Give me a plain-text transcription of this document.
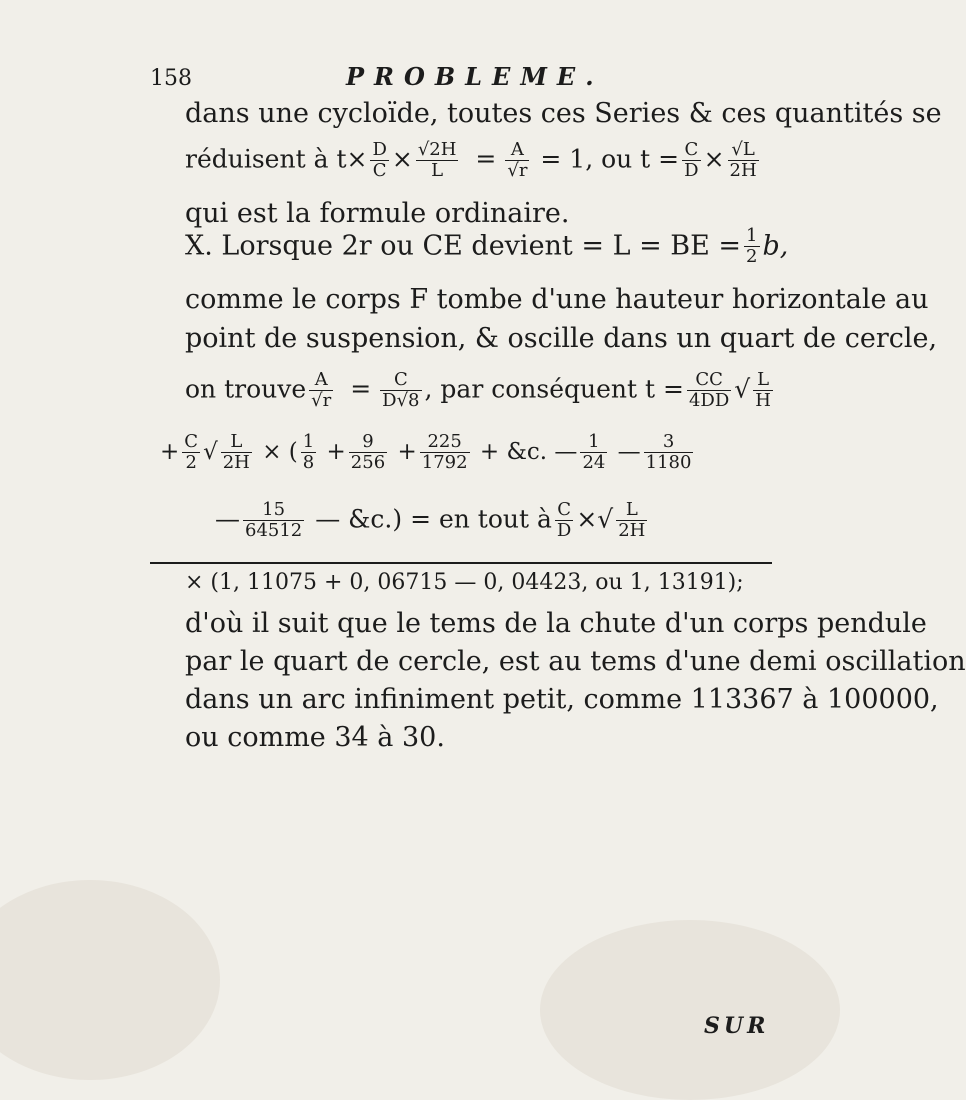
158	PROBLEME.
dans une cycloïde, toutes ces Series & ces quantités se
réduisent à $t\times \frac{D}{C} \times \frac{√2H}{L} = \frac{A}{√r} = 1$, ou $t = \frac{C}{D} \times \frac{√L}{2H}$
qui est la formule ordinaire.
X. Lorsque 2r ou CE devient = L = BE = $\frac{1}{2} b$,
comme le corps F tombe d'une hauteur horizontale au
point de suspension, & oscille dans un quart de cercle,
on trouve $\frac{A}{√r} = \frac{C}{D√8}$ , par conséquent $t = \frac{CC}{4DD}$ √ $\frac{L}{H}$
+ $\frac{C}{2}$ √ $\frac{L}{2H}$ × ( $\frac{1}{8} + \frac{9}{256} + \frac{225}{1792}$ + &c. — $\frac{1}{24}$ — $\frac{3}{1180}$
— $\frac{15}{64512}$ — &c.) = en tout à $\frac{C}{D}$ ×√ $\frac{L}{2H}$
× (1, 11075 + 0, 06715 — 0, 04423, ou 1, 13191);
d'où il suit que le tems de la chute d'un corps pendule
par le quart de cercle, est au tems d'une demi oscillation
dans un arc infiniment petit, comme 113367 à 100000,
ou comme 34 à 30.
SUR
